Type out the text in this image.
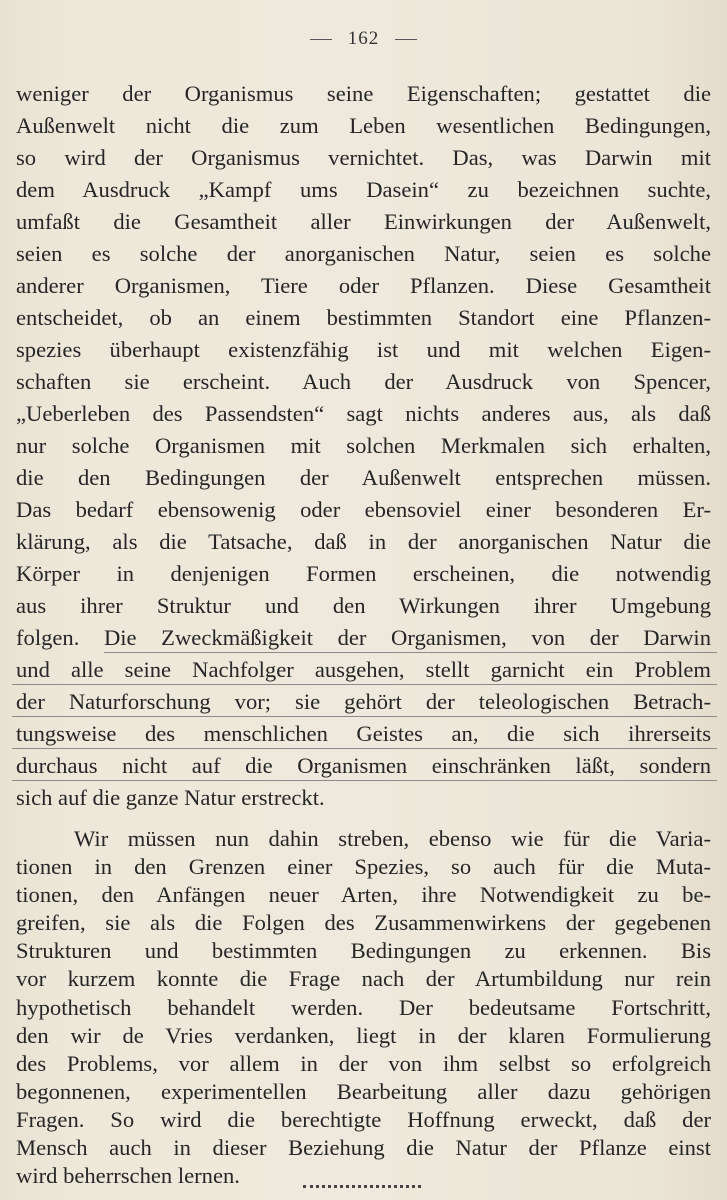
162
weniger der Organismus seine Eigenschaften; gestattet die
Außenwelt nicht die zum Leben wesentlichen Bedingungen,
so wird der Organismus vernichtet. Das, was Darwin mit
dem Ausdruck „Kampf ums Dasein“ zu bezeichnen suchte,
umfaßt die Gesamtheit aller Einwirkungen der Außenwelt,
seien es solche der anorganischen Natur, seien es solche
anderer Organismen, Tiere oder Pflanzen. Diese Gesamtheit
entscheidet, ob an einem bestimmten Standort eine Pflanzen-
spezies überhaupt existenzfähig ist und mit welchen Eigen-
schaften sie erscheint. Auch der Ausdruck von Spencer,
„Ueberleben des Passendsten“ sagt nichts anderes aus, als daß
nur solche Organismen mit solchen Merkmalen sich erhalten,
die den Bedingungen der Außenwelt entsprechen müssen.
Das bedarf ebensowenig oder ebensoviel einer besonderen Er-
klärung, als die Tatsache, daß in der anorganischen Natur die
Körper in denjenigen Formen erscheinen, die notwendig
aus ihrer Struktur und den Wirkungen ihrer Umgebung
folgen. Die Zweckmäßigkeit der Organismen, von der Darwin
und alle seine Nachfolger ausgehen, stellt garnicht ein Problem
der Naturforschung vor; sie gehört der teleologischen Betrach-
tungsweise des menschlichen Geistes an, die sich ihrerseits
durchaus nicht auf die Organismen einschränken läßt, sondern
sich auf die ganze Natur erstreckt.
Wir müssen nun dahin streben, ebenso wie für die Varia-
tionen in den Grenzen einer Spezies, so auch für die Muta-
tionen, den Anfängen neuer Arten, ihre Notwendigkeit zu be-
greifen, sie als die Folgen des Zusammenwirkens der gegebenen
Strukturen und bestimmten Bedingungen zu erkennen. Bis
vor kurzem konnte die Frage nach der Artumbildung nur rein
hypothetisch behandelt werden. Der bedeutsame Fortschritt,
den wir de Vries verdanken, liegt in der klaren Formulierung
des Problems, vor allem in der von ihm selbst so erfolgreich
begonnenen, experimentellen Bearbeitung aller dazu gehörigen
Fragen. So wird die berechtigte Hoffnung erweckt, daß der
Mensch auch in dieser Beziehung die Natur der Pflanze einst
wird beherrschen lernen.
